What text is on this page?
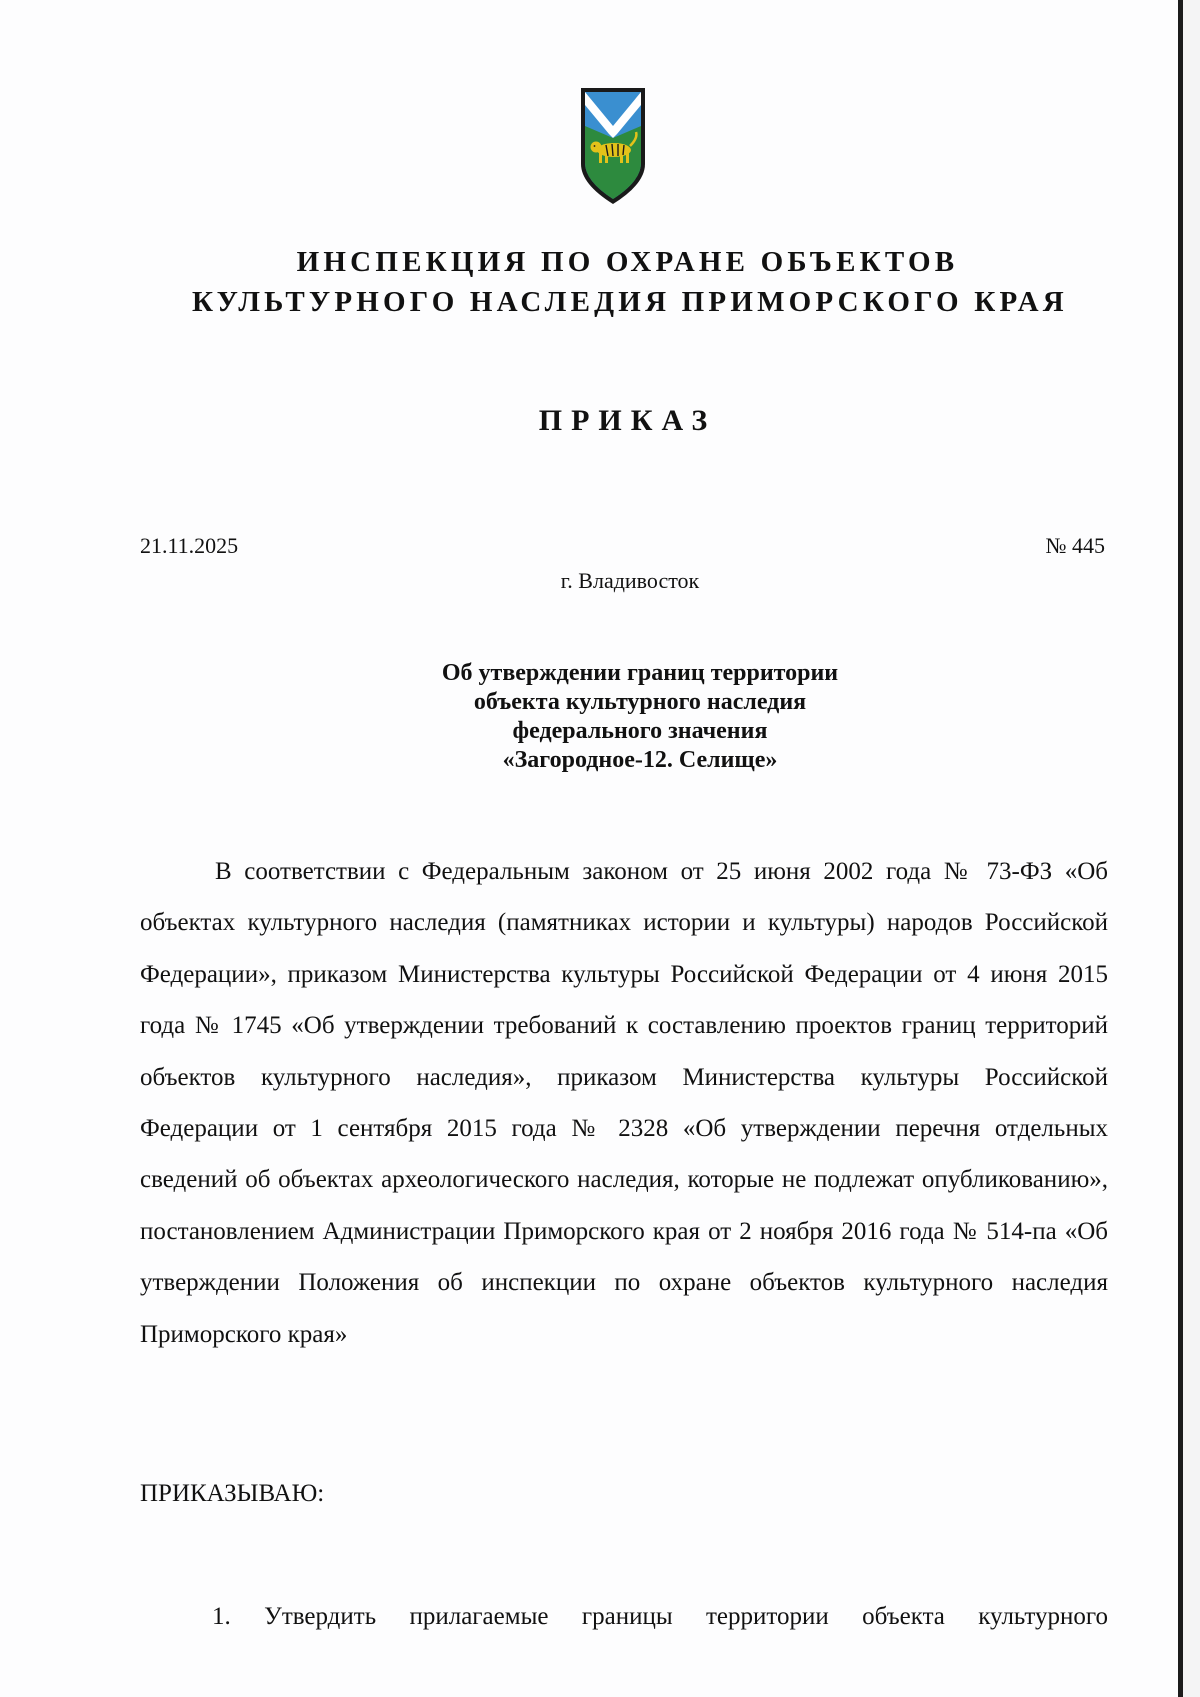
ИНСПЕКЦИЯ ПО ОХРАНЕ ОБЪЕКТОВ
КУЛЬТУРНОГО НАСЛЕДИЯ ПРИМОРСКОГО КРАЯ
ПРИКАЗ
21.11.2025	№ 445
г. Владивосток
Об утверждении границ территории
объекта культурного наследия
федерального значения
«Загородное-12. Селище»

В соответствии с Федеральным законом от 25 июня 2002 года № 73-ФЗ «Об объектах культурного наследия (памятниках истории и культуры) народов Российской Федерации», приказом Министерства культуры Российской Федерации от 4 июня 2015 года № 1745 «Об утверждении требований к составлению проектов границ территорий объектов культурного наследия», приказом Министерства культуры Российской Федерации от 1 сентября 2015 года № 2328 «Об утверждении перечня отдельных сведений об объектах археологического наследия, которые не подлежат опубликованию», постановлением Администрации Приморского края от 2 ноября 2016 года № 514-па «Об утверждении Положения об инспекции по охране объектов культурного наследия Приморского края»

ПРИКАЗЫВАЮ:

1. Утвердить прилагаемые границы территории объекта культурного
